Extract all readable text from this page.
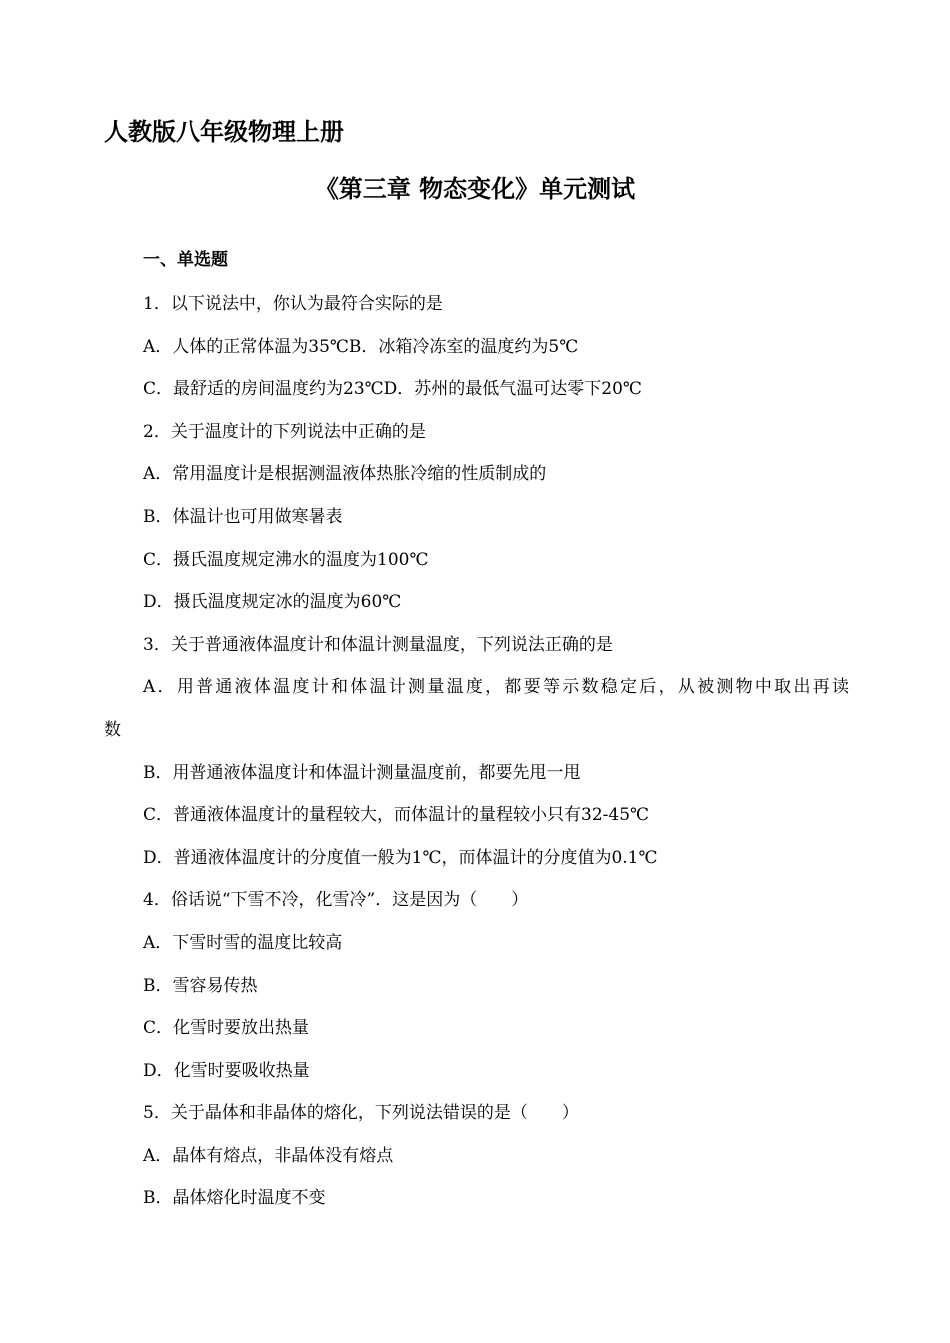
人教版八年级物理上册
《第三章 物态变化》单元测试
一、单选题
1．以下说法中，你认为最符合实际的是
A．人体的正常体温为35℃B．冰箱冷冻室的温度约为5℃
C．最舒适的房间温度约为23℃D．苏州的最低气温可达零下20℃
2．关于温度计的下列说法中正确的是
A．常用温度计是根据测温液体热胀冷缩的性质制成的
B．体温计也可用做寒暑表
C．摄氏温度规定沸水的温度为100℃
D．摄氏温度规定冰的温度为60℃
3．关于普通液体温度计和体温计测量温度，下列说法正确的是
A．用普通液体温度计和体温计测量温度，都要等示数稳定后，从被测物中取出再读
数
B．用普通液体温度计和体温计测量温度前，都要先甩一甩
C．普通液体温度计的量程较大，而体温计的量程较小只有32-45℃
D．普通液体温度计的分度值一般为1℃，而体温计的分度值为0.1℃
4．俗话说“下雪不冷，化雪冷”．这是因为（　　）
A．下雪时雪的温度比较高
B．雪容易传热
C．化雪时要放出热量
D．化雪时要吸收热量
5．关于晶体和非晶体的熔化，下列说法错误的是（　　）
A．晶体有熔点，非晶体没有熔点
B．晶体熔化时温度不变
